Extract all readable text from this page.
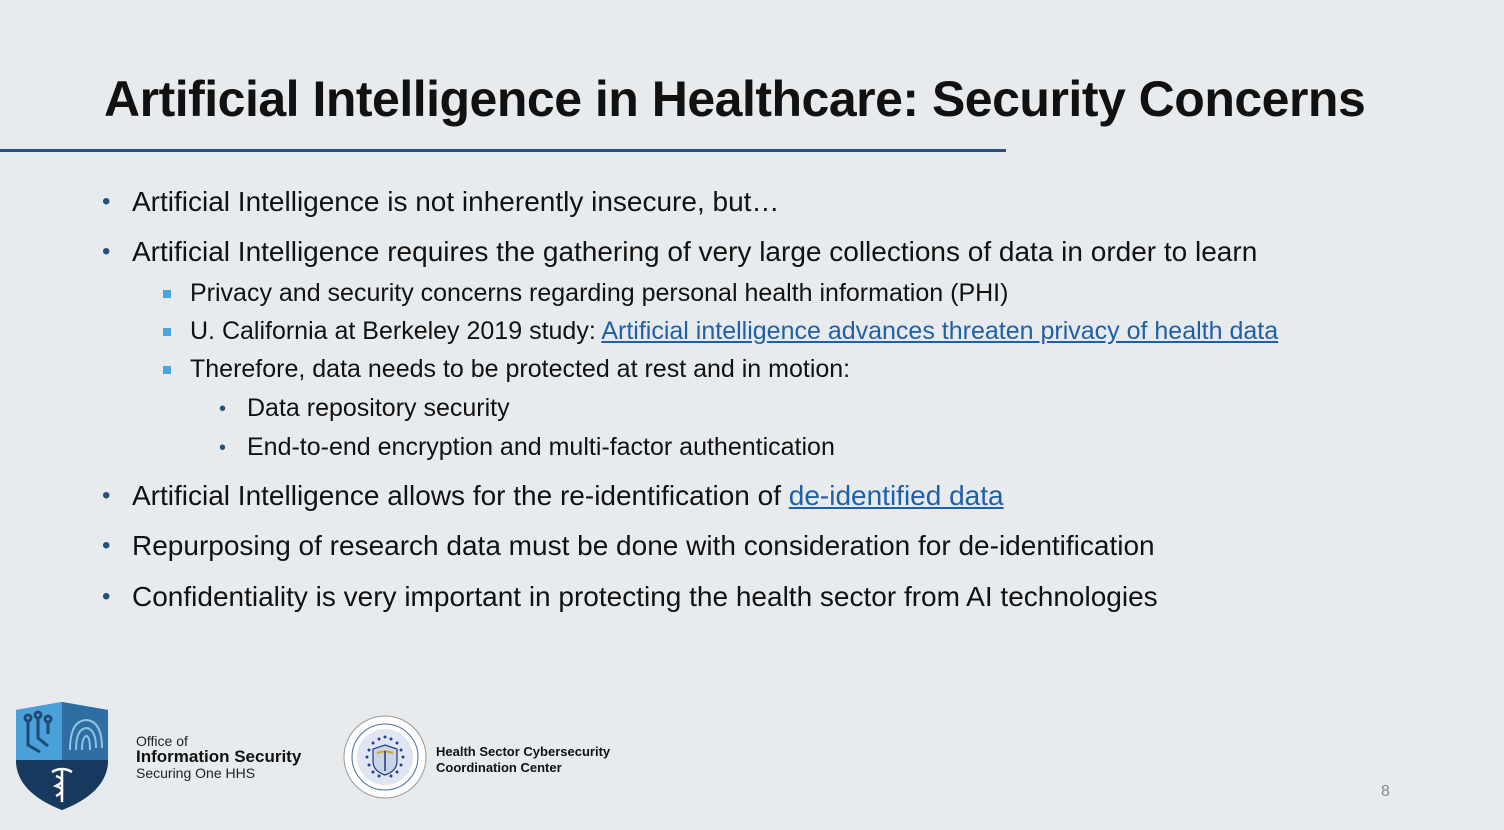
Artificial Intelligence in Healthcare: Security Concerns
• Artificial Intelligence is not inherently insecure, but…
• Artificial Intelligence requires the gathering of very large collections of data in order to learn
Privacy and security concerns regarding personal health information (PHI)
U. California at Berkeley 2019 study: Artificial intelligence advances threaten privacy of health data
Therefore, data needs to be protected at rest and in motion:
• Data repository security
• End-to-end encryption and multi-factor authentication
• Artificial Intelligence allows for the re-identification of de-identified data
• Repurposing of research data must be done with consideration for de-identification
• Confidentiality is very important in protecting the health sector from AI technologies
Office of
Information Security
Securing One HHS
Health Sector Cybersecurity
Coordination Center
8
